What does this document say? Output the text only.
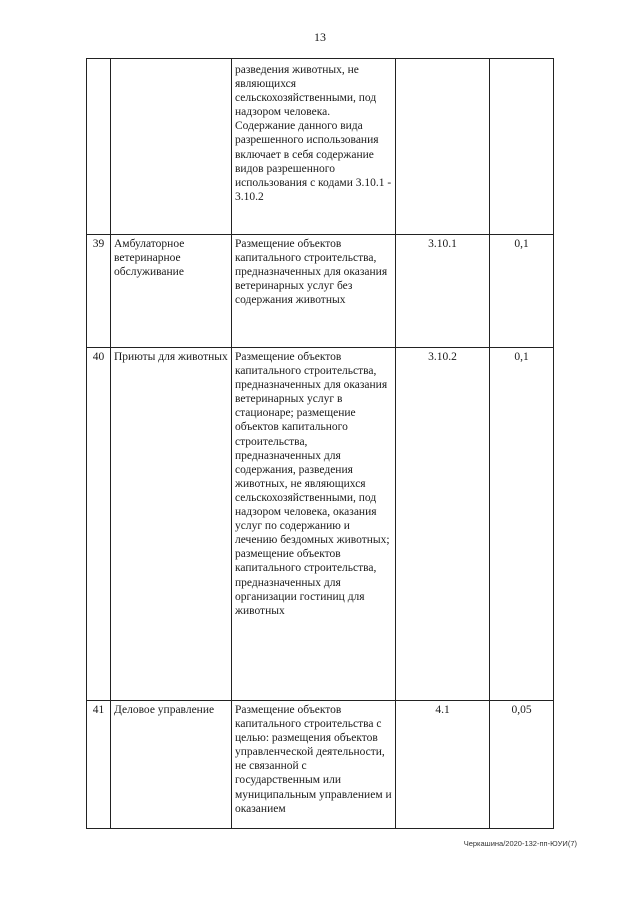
13
		разведения животных, не являющихся сельскохозяйственными, под надзором человека. Содержание данного вида разрешенного использования включает в себя содержание видов разрешенного использования с кодами 3.10.1 - 3.10.2		
39	Амбулаторное ветеринарное обслуживание	Размещение объектов капитального строительства, предназначенных для оказания ветеринарных услуг без содержания животных	3.10.1	0,1
40	Приюты для животных	Размещение объектов капитального строительства, предназначенных для оказания ветеринарных услуг в стационаре; размещение объектов капитального строительства, предназначенных для содержания, разведения животных, не являющихся сельскохозяйственными, под надзором человека, оказания услуг по содержанию и лечению бездомных животных; размещение объектов капитального строительства, предназначенных для организации гостиниц для животных	3.10.2	0,1
41	Деловое управление	Размещение объектов капитального строительства с целью: размещения объектов управленческой деятельности, не связанной с государственным или муниципальным управлением и оказанием	4.1	0,05
Черкашина/2020-132-пп-ЮУИ(7)
